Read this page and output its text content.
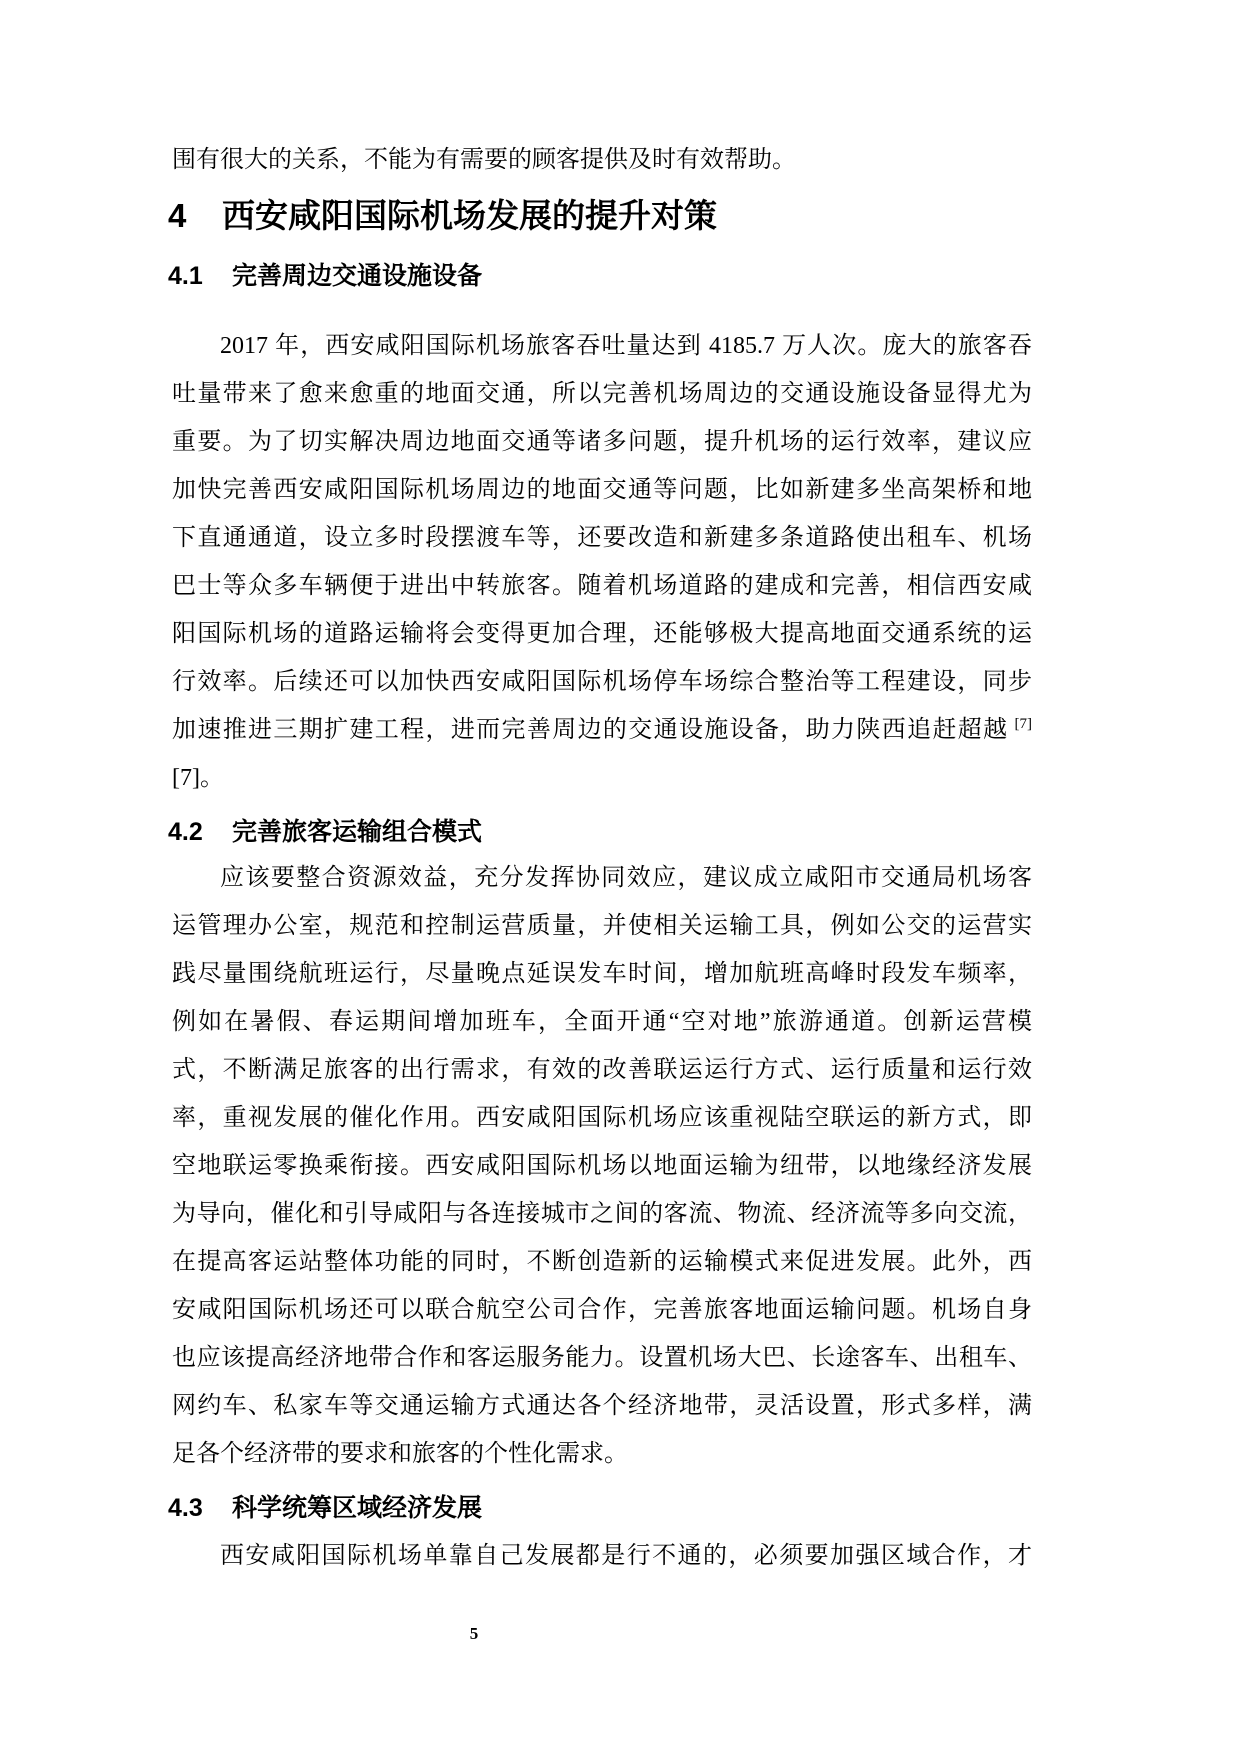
围有很大的关系，不能为有需要的顾客提供及时有效帮助。
4 西安咸阳国际机场发展的提升对策
4.1 完善周边交通设施设备
2017 年，西安咸阳国际机场旅客吞吐量达到 4185.7 万人次。庞大的旅客吞
吐量带来了愈来愈重的地面交通，所以完善机场周边的交通设施设备显得尤为
重要。为了切实解决周边地面交通等诸多问题，提升机场的运行效率，建议应
加快完善西安咸阳国际机场周边的地面交通等问题，比如新建多坐高架桥和地
下直通通道，设立多时段摆渡车等，还要改造和新建多条道路使出租车、机场
巴士等众多车辆便于进出中转旅客。随着机场道路的建成和完善，相信西安咸
阳国际机场的道路运输将会变得更加合理，还能够极大提高地面交通系统的运
行效率。后续还可以加快西安咸阳国际机场停车场综合整治等工程建设，同步
加速推进三期扩建工程，进而完善周边的交通设施设备，助力陕西追赶超越 [7]
[7]。
4.2 完善旅客运输组合模式
应该要整合资源效益，充分发挥协同效应，建议成立咸阳市交通局机场客
运管理办公室，规范和控制运营质量，并使相关运输工具，例如公交的运营实
践尽量围绕航班运行，尽量晚点延误发车时间，增加航班高峰时段发车频率，
例如在暑假、春运期间增加班车，全面开通“空对地”旅游通道。创新运营模
式，不断满足旅客的出行需求，有效的改善联运运行方式、运行质量和运行效
率，重视发展的催化作用。西安咸阳国际机场应该重视陆空联运的新方式，即
空地联运零换乘衔接。西安咸阳国际机场以地面运输为纽带，以地缘经济发展
为导向，催化和引导咸阳与各连接城市之间的客流、物流、经济流等多向交流，
在提高客运站整体功能的同时，不断创造新的运输模式来促进发展。此外，西
安咸阳国际机场还可以联合航空公司合作，完善旅客地面运输问题。机场自身
也应该提高经济地带合作和客运服务能力。设置机场大巴、长途客车、出租车、
网约车、私家车等交通运输方式通达各个经济地带，灵活设置，形式多样，满
足各个经济带的要求和旅客的个性化需求。
4.3 科学统筹区域经济发展
西安咸阳国际机场单靠自己发展都是行不通的，必须要加强区域合作，才
5
